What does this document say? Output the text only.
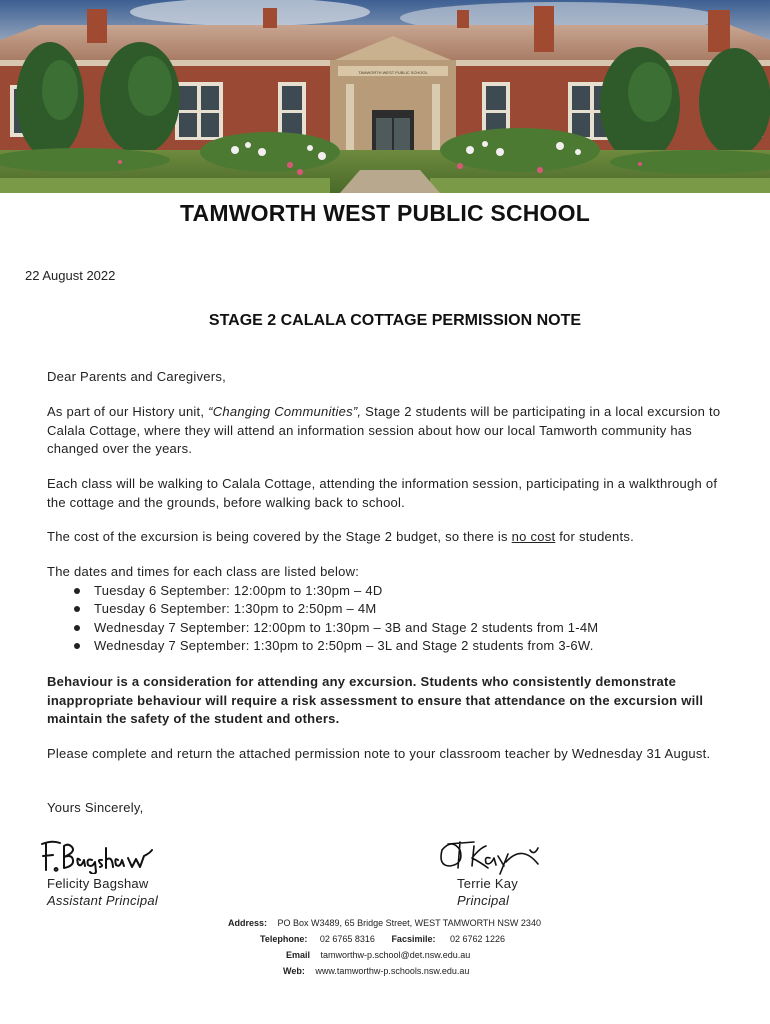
TAMWORTH WEST PUBLIC SCHOOL
TAMWORTH WEST PUBLIC SCHOOL
22 August 2022
STAGE 2 CALALA COTTAGE PERMISSION NOTE
Dear Parents and Caregivers,
As part of our History unit, “Changing Communities”, Stage 2 students will be participating in a local excursion to Calala Cottage, where they will attend an information session about how our local Tamworth community has changed over the years.
Each class will be walking to Calala Cottage, attending the information session, participating in a walkthrough of the cottage and the grounds, before walking back to school.
The cost of the excursion is being covered by the Stage 2 budget, so there is no cost for students.
The dates and times for each class are listed below:
Tuesday 6 September: 12:00pm to 1:30pm – 4D
Tuesday 6 September: 1:30pm to 2:50pm – 4M
Wednesday 7 September: 12:00pm to 1:30pm – 3B and Stage 2 students from 1-4M
Wednesday 7 September: 1:30pm to 2:50pm – 3L and Stage 2 students from 3-6W.
Behaviour is a consideration for attending any excursion. Students who consistently demonstrate inappropriate behaviour will require a risk assessment to ensure that attendance on the excursion will maintain the safety of the student and others.
Please complete and return the attached permission note to your classroom teacher by Wednesday 31 August.
Yours Sincerely,
Felicity Bagshaw
Assistant Principal
Terrie Kay
Principal
Address: PO Box W3489, 65 Bridge Street, WEST TAMWORTH NSW 2340
Telephone: 02 6765 8316 Facsimile: 02 6762 1226
Email tamworthw-p.school@det.nsw.edu.au
Web: www.tamworthw-p.schools.nsw.edu.au
